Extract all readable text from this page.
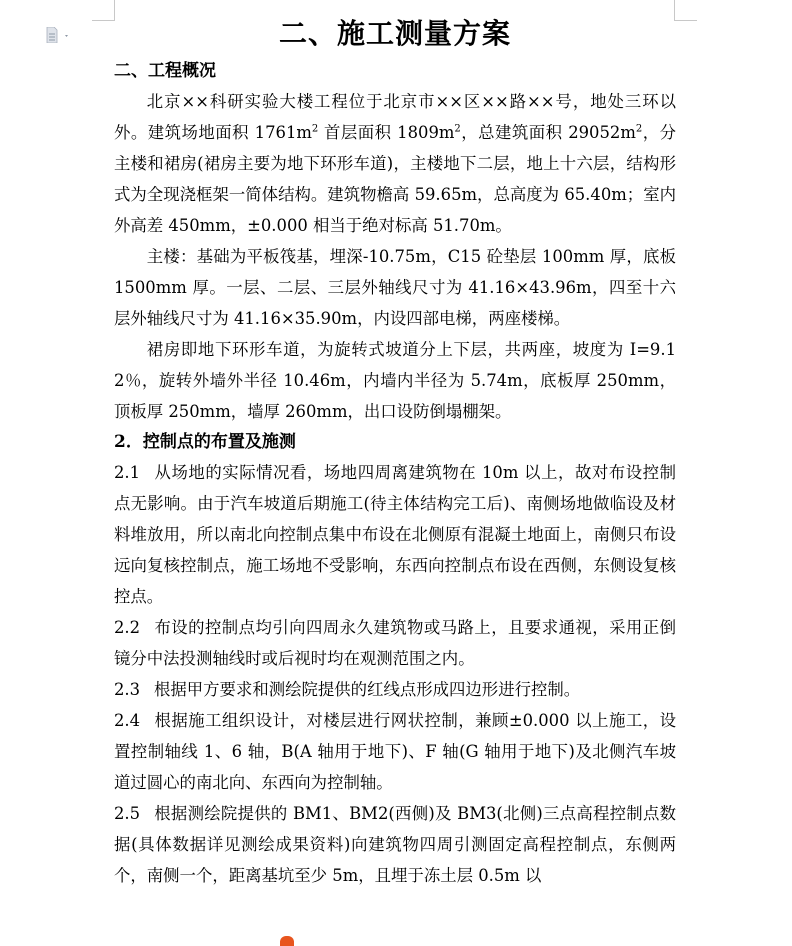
二、施工测量方案
二、工程概况

北京××科研实验大楼工程位于北京市××区××路××号，地处三环以外。建筑场地面积 $1761m^2$ 首层面积 $1809m^2$，总建筑面积 $29052m^2$，分主楼和裙房(裙房主要为地下环形车道)，主楼地下二层，地上十六层，结构形式为全现浇框架一简体结构。建筑物檐高 59.65m，总高度为 65.40m；室内外高差 450mm，±0.000 相当于绝对标高 51.70m。

主楼：基础为平板筏基，埋深-10.75m，C15 砼垫层 100mm 厚，底板 1500mm 厚。一层、二层、三层外轴线尺寸为 41.16×43.96m，四至十六层外轴线尺寸为 41.16×35.90m，内设四部电梯，两座楼梯。

裙房即地下环形车道，为旋转式坡道分上下层，共两座，坡度为 I=9.12％，旋转外墙外半径 10.46m，内墙内半径为 5.74m，底板厚 250mm，顶板厚 250mm，墙厚 260mm，出口设防倒塌棚架。

2．控制点的布置及施测

2.1 从场地的实际情况看，场地四周离建筑物在 10m 以上，故对布设控制点无影响。由于汽车坡道后期施工(待主体结构完工后)、南侧场地做临设及材料堆放用，所以南北向控制点集中布设在北侧原有混凝土地面上，南侧只布设远向复核控制点，施工场地不受影响，东西向控制点布设在西侧，东侧设复核控点。

2.2 布设的控制点均引向四周永久建筑物或马路上，且要求通视，采用正倒镜分中法投测轴线时或后视时均在观测范围之内。

2.3 根据甲方要求和测绘院提供的红线点形成四边形进行控制。

2.4 根据施工组织设计，对楼层进行网状控制，兼顾±0.000 以上施工，设置控制轴线 1、6 轴，B(A 轴用于地下)、F 轴(G 轴用于地下)及北侧汽车坡道过圆心的南北向、东西向为控制轴。

2.5 根据测绘院提供的 BM1、BM2(西侧)及 BM3(北侧)三点高程控制点数据(具体数据详见测绘成果资料)向建筑物四周引测固定高程控制点，东侧两个，南侧一个，距离基坑至少 5m，且埋于冻土层 0.5m 以
